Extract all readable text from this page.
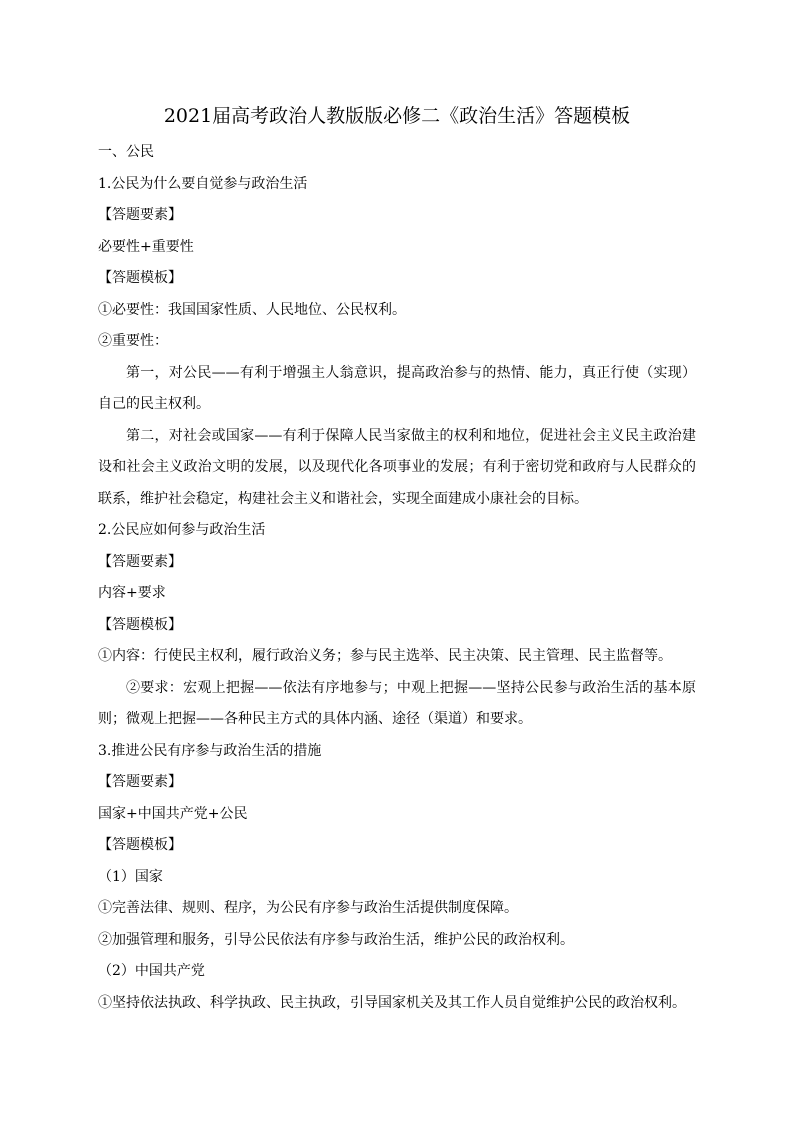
2021届高考政治人教版版必修二《政治生活》答题模板

一、公民

1.公民为什么要自觉参与政治生活

【答题要素】

必要性+重要性

【答题模板】

①必要性：我国国家性质、人民地位、公民权利。

②重要性：

第一，对公民——有利于增强主人翁意识，提高政治参与的热情、能力，真正行使（实现）自己的民主权利。

第二，对社会或国家——有利于保障人民当家做主的权利和地位，促进社会主义民主政治建设和社会主义政治文明的发展，以及现代化各项事业的发展；有利于密切党和政府与人民群众的联系，维护社会稳定，构建社会主义和谐社会，实现全面建成小康社会的目标。

2.公民应如何参与政治生活

【答题要素】

内容+要求

【答题模板】

①内容：行使民主权利，履行政治义务；参与民主选举、民主决策、民主管理、民主监督等。

②要求：宏观上把握——依法有序地参与；中观上把握——坚持公民参与政治生活的基本原则；微观上把握——各种民主方式的具体内涵、途径（渠道）和要求。

3.推进公民有序参与政治生活的措施

【答题要素】

国家+中国共产党+公民

【答题模板】

（1）国家

①完善法律、规则、程序，为公民有序参与政治生活提供制度保障。

②加强管理和服务，引导公民依法有序参与政治生活，维护公民的政治权利。

（2）中国共产党

①坚持依法执政、科学执政、民主执政，引导国家机关及其工作人员自觉维护公民的政治权利。
